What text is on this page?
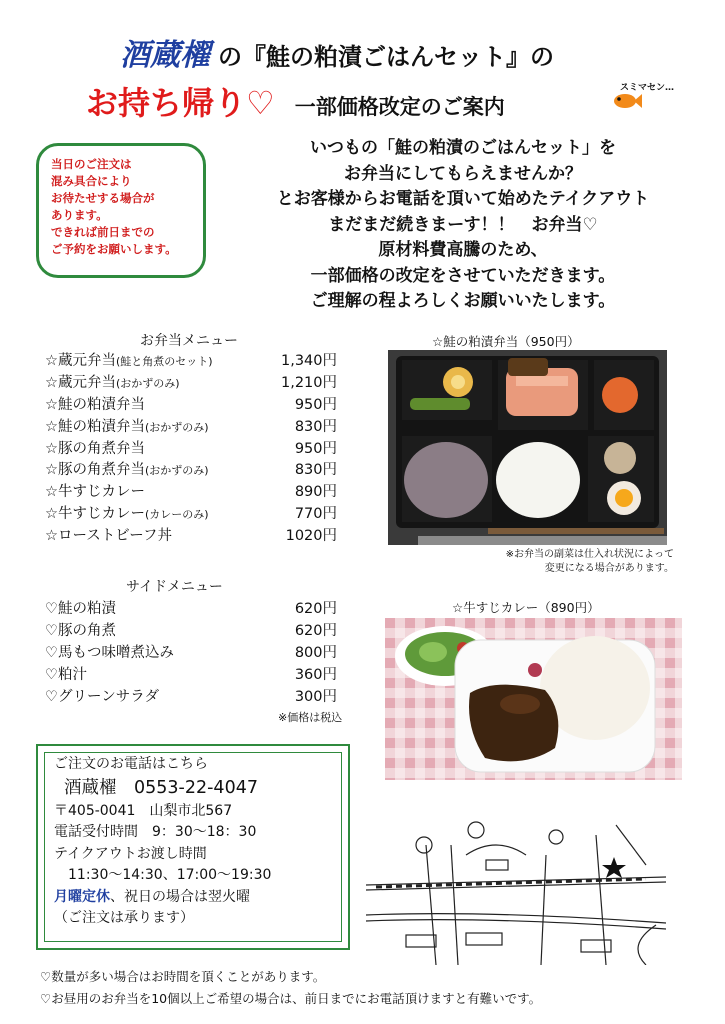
酒蔵櫂 の『鮭の粕漬ごはんセット』の
お持ち帰り♡ 一部価格改定のご案内
スミマセン…
当日のご注文は
混み具合により
お待たせする場合が
あります。
できれば前日までの
ご予約をお願いします。
いつもの「鮭の粕漬のごはんセット」を
お弁当にしてもらえませんか？
とお客様からお電話を頂いて始めたテイクアウト
まだまだ続きまーす！！　お弁当♡
原材料費高騰のため、
一部価格の改定をさせていただきます。
ご理解の程よろしくお願いいたします。
お弁当メニュー
☆蔵元弁当(鮭と角煮のセット)	1,340円
☆蔵元弁当(おかずのみ)	1,210円
☆鮭の粕漬弁当	950円
☆鮭の粕漬弁当(おかずのみ)	830円
☆豚の角煮弁当	950円
☆豚の角煮弁当(おかずのみ)	830円
☆牛すじカレー	890円
☆牛すじカレー(カレーのみ)	770円
☆ローストビーフ丼	1020円
サイドメニュー
♡鮭の粕漬	620円
♡豚の角煮	620円
♡馬もつ味噌煮込み	800円
♡粕汁	360円
♡グリーンサラダ	300円
※価格は税込
☆鮭の粕漬弁当（950円）
※お弁当の副菜は仕入れ状況によって
変更になる場合があります。
☆牛すじカレー（890円）
ご注文のお電話はこちら
酒蔵櫂　0553-22-4047
〒405-0041　山梨市北567
電話受付時間　9：30～18：30
テイクアウトお渡し時間
11:30～14:30、17:00～19:30
月曜定休、祝日の場合は翌火曜
（ご注文は承ります）
♡数量が多い場合はお時間を頂くことがあります。
♡お昼用のお弁当を10個以上ご希望の場合は、前日までにお電話頂けますと有難いです。
